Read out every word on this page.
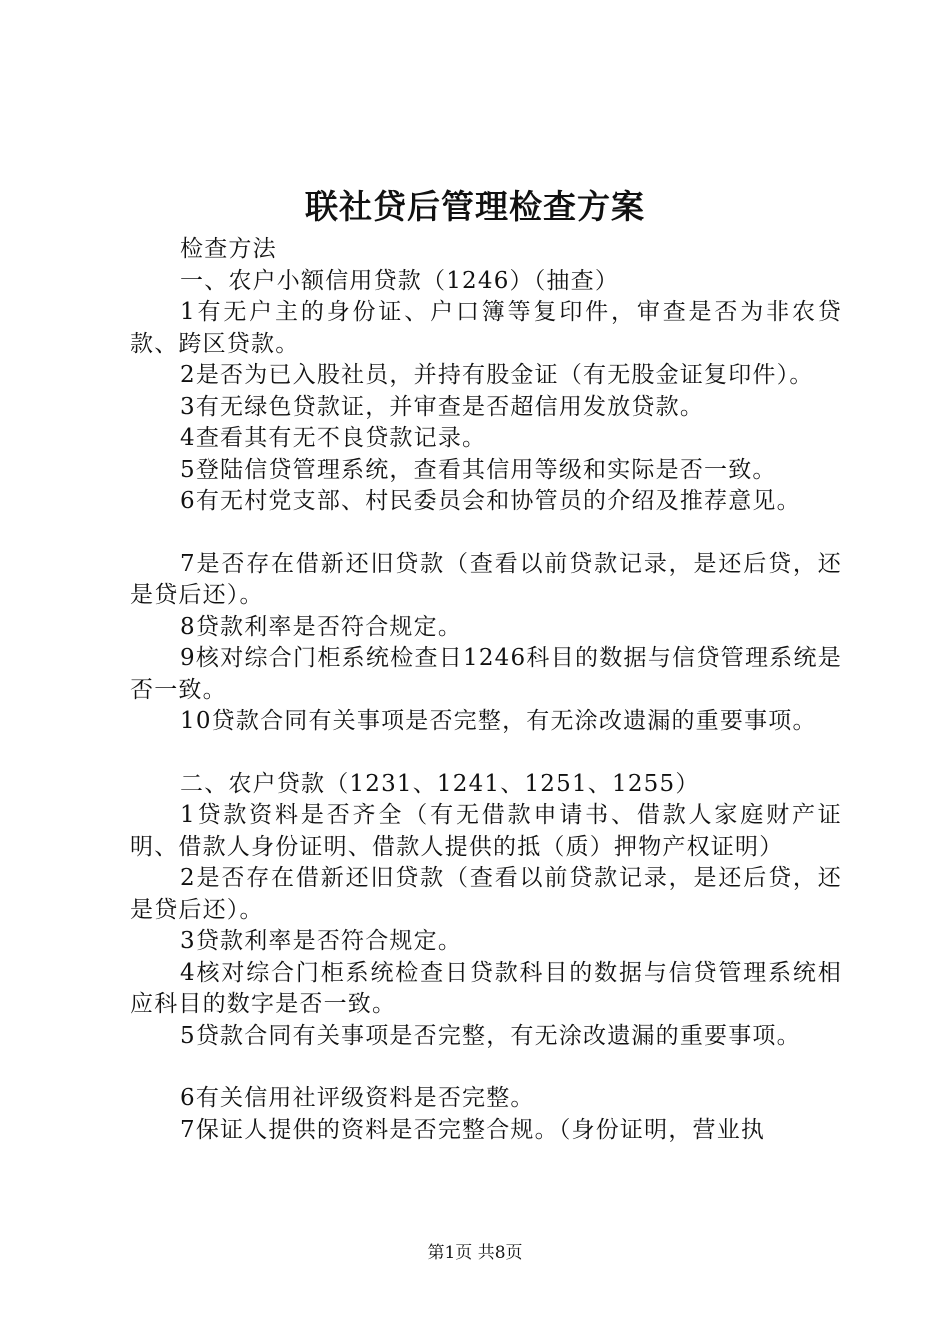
联社贷后管理检查方案

检查方法

一、农户小额信用贷款（1246）（抽查）

1有无户主的身份证、户口簿等复印件，审查是否为非农贷款、跨区贷款。

2是否为已入股社员，并持有股金证（有无股金证复印件）。

3有无绿色贷款证，并审查是否超信用发放贷款。

4查看其有无不良贷款记录。

5登陆信贷管理系统，查看其信用等级和实际是否一致。

6有无村党支部、村民委员会和协管员的介绍及推荐意见。

7是否存在借新还旧贷款（查看以前贷款记录，是还后贷，还是贷后还）。

8贷款利率是否符合规定。

9核对综合门柜系统检查日1246科目的数据与信贷管理系统是否一致。

10贷款合同有关事项是否完整，有无涂改遗漏的重要事项。

二、农户贷款（1231、1241、1251、1255）

1贷款资料是否齐全（有无借款申请书、借款人家庭财产证明、借款人身份证明、借款人提供的抵（质）押物产权证明）

2是否存在借新还旧贷款（查看以前贷款记录，是还后贷，还是贷后还）。

3贷款利率是否符合规定。

4核对综合门柜系统检查日贷款科目的数据与信贷管理系统相应科目的数字是否一致。

5贷款合同有关事项是否完整，有无涂改遗漏的重要事项。

6有关信用社评级资料是否完整。

7保证人提供的资料是否完整合规。（身份证明，营业执

第1页 共8页
